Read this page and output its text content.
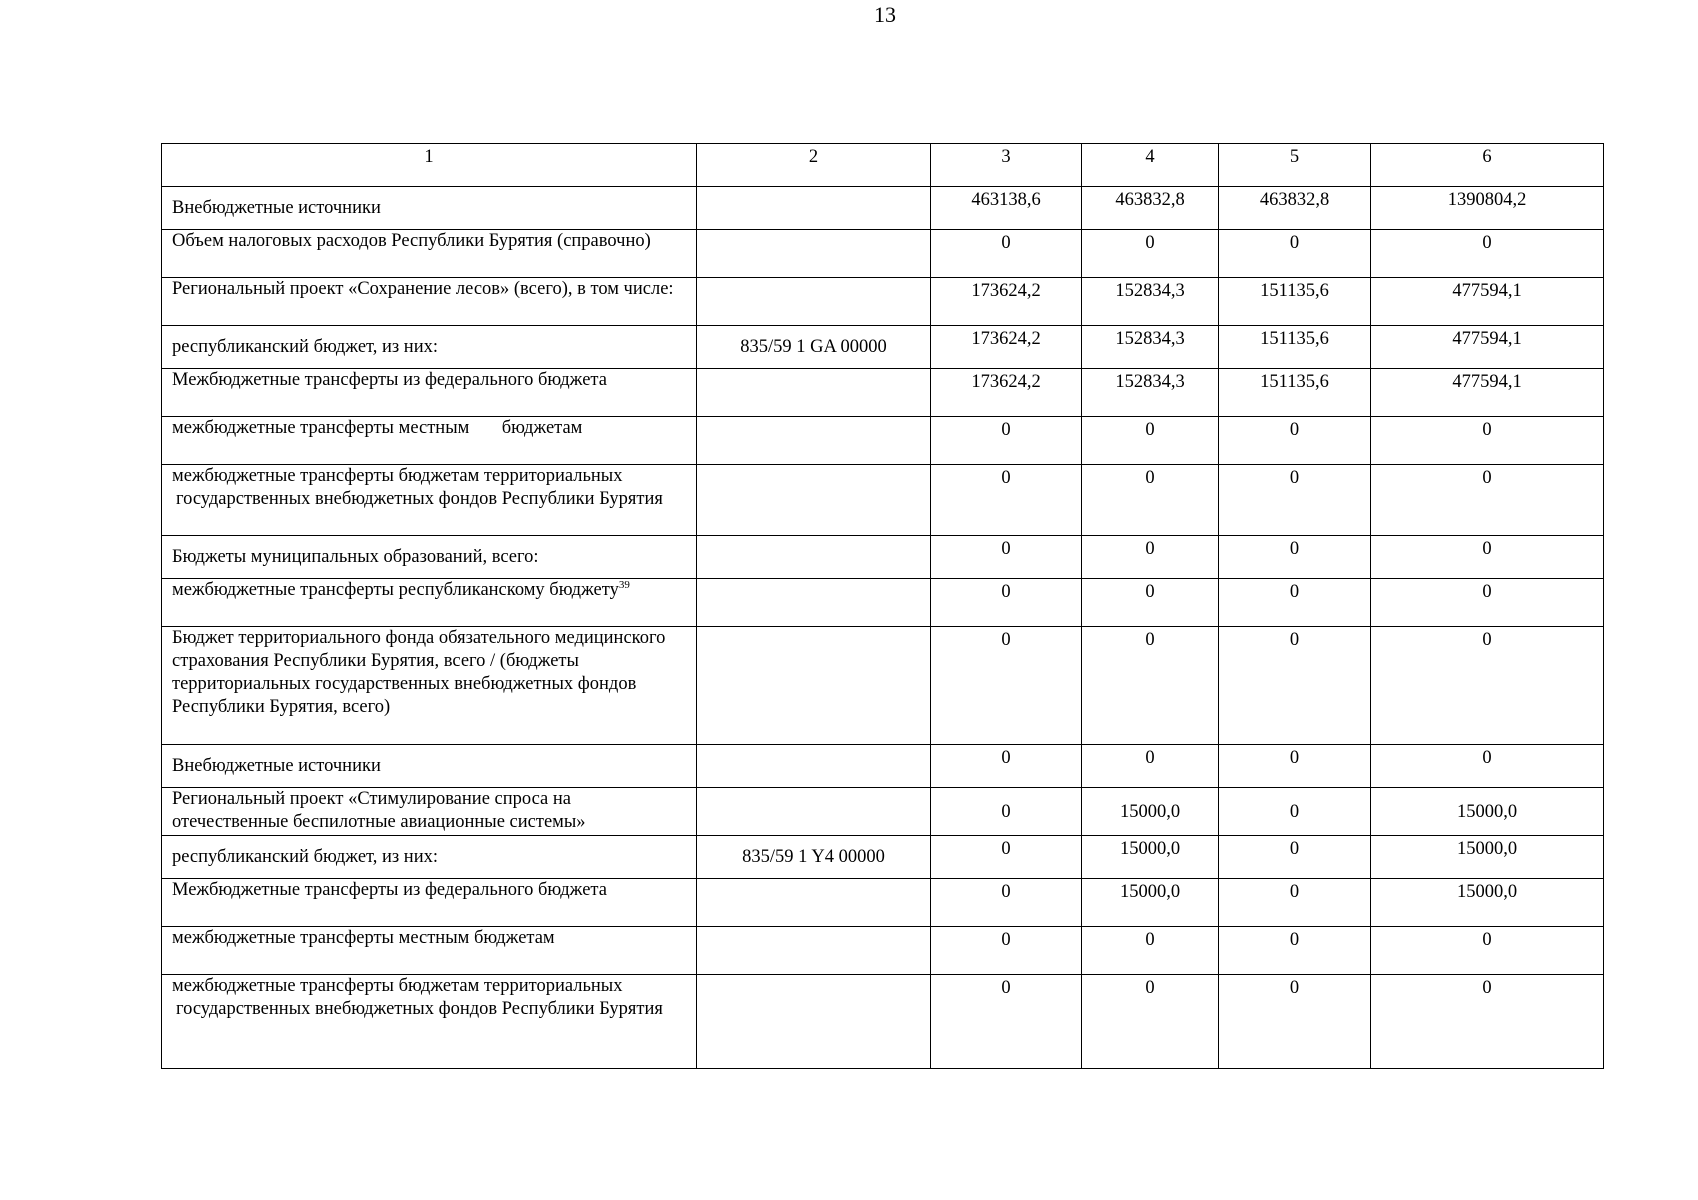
13
1	2	3	4	5	6
Внебюджетные источники		463138,6	463832,8	463832,8	1390804,2
Объем налоговых расходов Республики Бурятия (справочно)		0	0	0	0
Региональный проект «Сохранение лесов» (всего), в том числе:		173624,2	152834,3	151135,6	477594,1
республиканский бюджет, из них:	835/59 1 GA 00000	173624,2	152834,3	151135,6	477594,1

Межбюджетные трансферты из федерального бюджета		173624,2	152834,3	151135,6	477594,1
межбюджетные трансферты местным       бюджетам		0	0	0	0

межбюджетные трансферты бюджетам территориальных государственных внебюджетных фондов Республики Бурятия		0	0	0	0
Бюджеты муниципальных образований, всего:		0	0	0	0

межбюджетные трансферты республиканскому бюджету$^{39}$		0	0	0	0
Бюджет территориального фонда обязательного медицинского страхования Республики Бурятия, всего / (бюджеты территориальных государственных внебюджетных фондов Республики Бурятия, всего)		0	0	0	0
Внебюджетные источники		0	0	0	0
Региональный проект «Стимулирование спроса на отечественные беспилотные авиационные системы»		0	15000,0	0	15000,0
республиканский бюджет, из них:	835/59 1 Y4 00000	0	15000,0	0	15000,0

Межбюджетные трансферты из федерального бюджета		0	15000,0	0	15000,0
межбюджетные трансферты местным бюджетам		0	0	0	0

межбюджетные трансферты бюджетам территориальных государственных внебюджетных фондов Республики Бурятия		0	0	0	0
